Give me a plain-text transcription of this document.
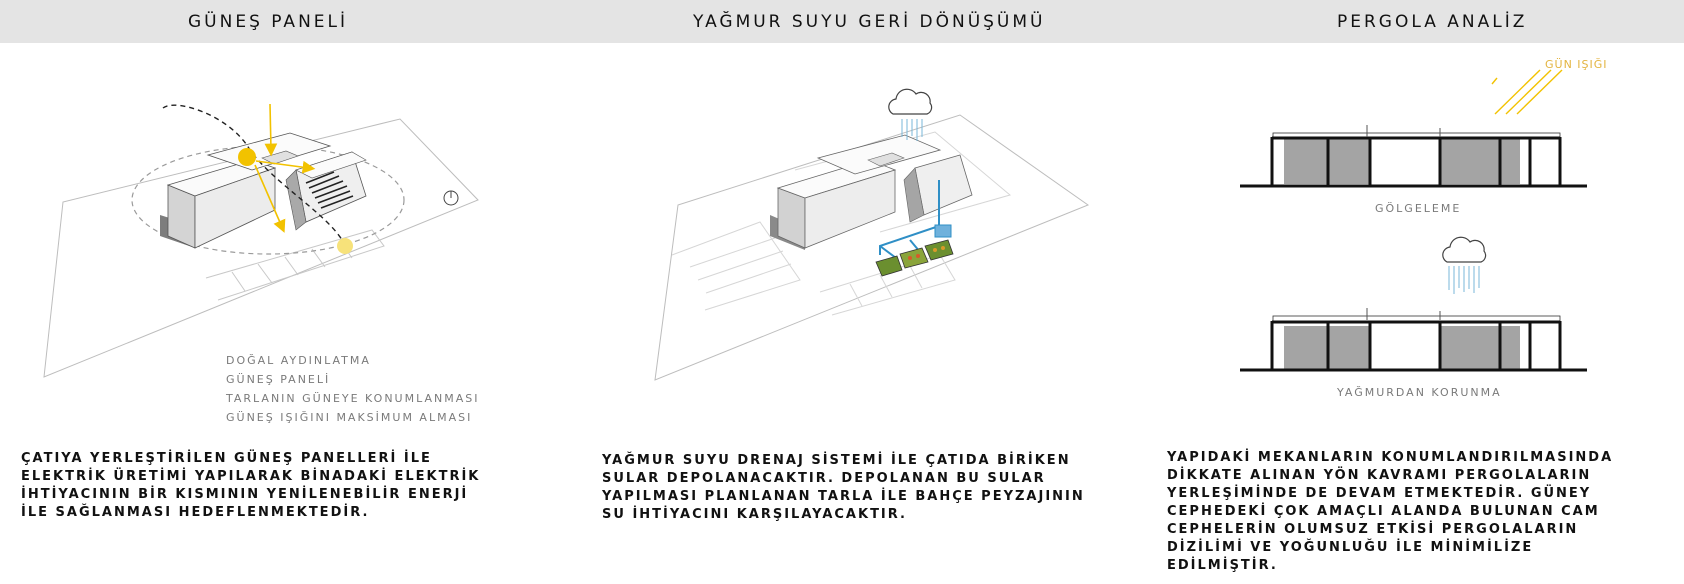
GÜNEŞ PANELİ	YAĞMUR SUYU GERİ DÖNÜŞÜMÜ	PERGOLA ANALİZ
DOĞAL AYDINLATMA
GÜNEŞ PANELİ
TARLANIN GÜNEYE KONUMLANMASI
GÜNEŞ IŞIĞINI MAKSİMUM ALMASI
GÜN IŞIĞI
GÖLGELEME
YAĞMURDAN KORUNMA
ÇATIYA YERLEŞTİRİLEN GÜNEŞ PANELLERİ İLE ELEKTRİK ÜRETİMİ YAPILARAK BİNADAKİ ELEKTRİK İHTİYACININ BİR KISMININ YENİLENEBİLİR ENERJİ İLE SAĞLANMASI HEDEFLENMEKTEDİR.
YAĞMUR SUYU DRENAJ SİSTEMİ İLE ÇATIDA BİRİKEN SULAR DEPOLANACAKTIR. DEPOLANAN BU SULAR YAPILMASI PLANLANAN TARLA İLE BAHÇE PEYZAJININ SU İHTİYACINI KARŞILAYACAKTIR.
YAPIDAKİ MEKANLARIN KONUMLANDIRILMASINDA DİKKATE ALINAN YÖN KAVRAMI PERGOLALARIN YERLEŞİMİNDE DE DEVAM ETMEKTEDİR. GÜNEY CEPHEDEKİ ÇOK AMAÇLI ALANDA BULUNAN CAM CEPHELERİN OLUMSUZ ETKİSİ PERGOLALARIN DİZİLİMİ VE YOĞUNLUĞU İLE MİNİMİLİZE EDİLMİŞTİR.
